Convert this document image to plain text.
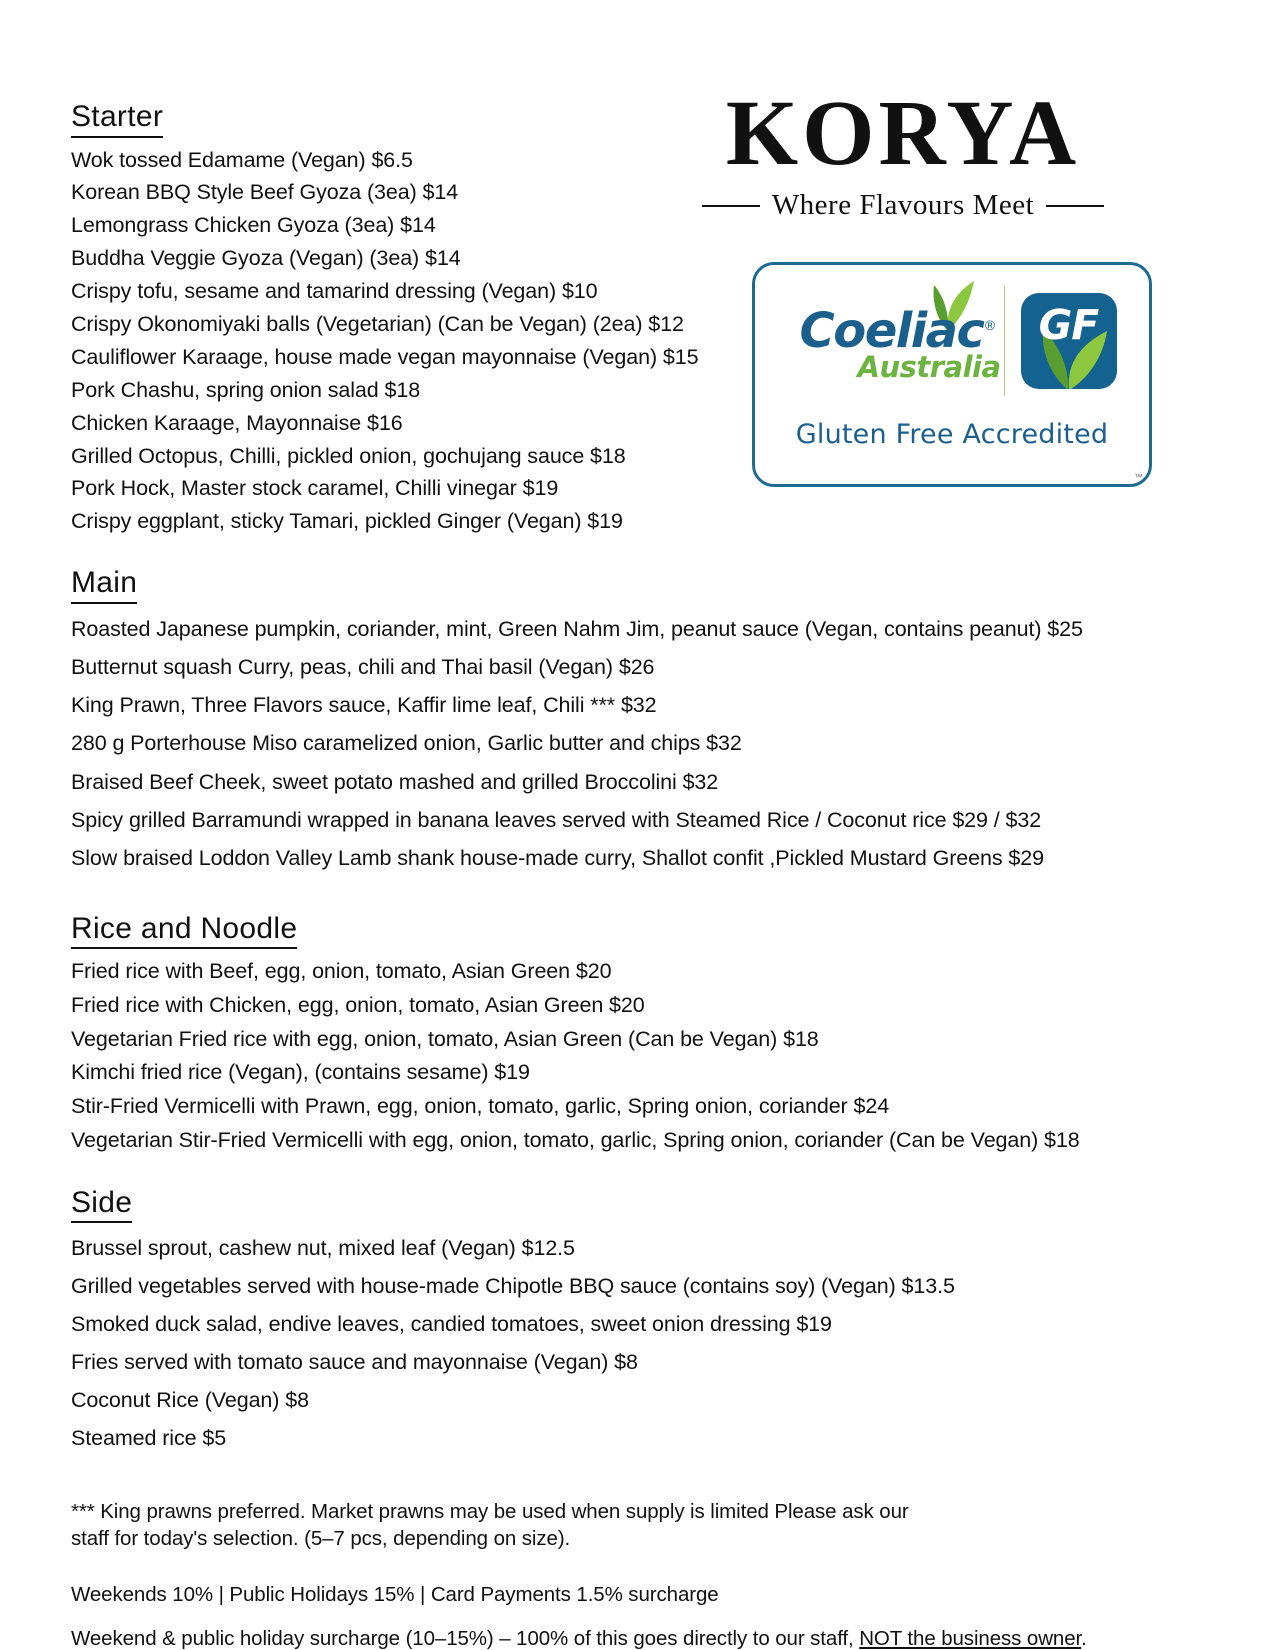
KORYA
Where Flavours Meet
Coeliac®
Australia
GF
Gluten Free Accredited
™
Starter

Wok tossed Edamame (Vegan) $6.5

Korean BBQ Style Beef Gyoza (3ea) $14

Lemongrass Chicken Gyoza (3ea) $14

Buddha Veggie Gyoza (Vegan) (3ea) $14

Crispy tofu, sesame and tamarind dressing (Vegan) $10

Crispy Okonomiyaki balls (Vegetarian) (Can be Vegan) (2ea) $12

Cauliflower Karaage, house made vegan mayonnaise (Vegan) $15

Pork Chashu, spring onion salad $18

Chicken Karaage, Mayonnaise $16

Grilled Octopus, Chilli, pickled onion, gochujang sauce $18

Pork Hock, Master stock caramel, Chilli vinegar $19

Crispy eggplant, sticky Tamari, pickled Ginger (Vegan) $19

Main

Roasted Japanese pumpkin, coriander, mint, Green Nahm Jim, peanut sauce (Vegan, contains peanut) $25

Butternut squash Curry, peas, chili and Thai basil (Vegan) $26

King Prawn, Three Flavors sauce, Kaffir lime leaf, Chili *** $32

280 g Porterhouse Miso caramelized onion, Garlic butter and chips $32

Braised Beef Cheek, sweet potato mashed and grilled Broccolini $32

Spicy grilled Barramundi wrapped in banana leaves served with Steamed Rice / Coconut rice $29 / $32

Slow braised Loddon Valley Lamb shank house-made curry, Shallot confit ,Pickled Mustard Greens $29

Rice and Noodle

Fried rice with Beef, egg, onion, tomato, Asian Green $20

Fried rice with Chicken, egg, onion, tomato, Asian Green $20

Vegetarian Fried rice with egg, onion, tomato, Asian Green (Can be Vegan) $18

Kimchi fried rice (Vegan), (contains sesame) $19

Stir-Fried Vermicelli with Prawn, egg, onion, tomato, garlic, Spring onion, coriander $24

Vegetarian Stir-Fried Vermicelli with egg, onion, tomato, garlic, Spring onion, coriander (Can be Vegan) $18

Side

Brussel sprout, cashew nut, mixed leaf (Vegan) $12.5

Grilled vegetables served with house-made Chipotle BBQ sauce (contains soy) (Vegan) $13.5

Smoked duck salad, endive leaves, candied tomatoes, sweet onion dressing $19

Fries served with tomato sauce and mayonnaise (Vegan) $8

Coconut Rice (Vegan) $8

Steamed rice $5

*** King prawns preferred. Market prawns may be used when supply is limited Please ask our

staff for today's selection. (5–7 pcs, depending on size).

Weekends 10% | Public Holidays 15% | Card Payments 1.5% surcharge

Weekend & public holiday surcharge (10–15%) – 100% of this goes directly to our staff, NOT the business owner.
